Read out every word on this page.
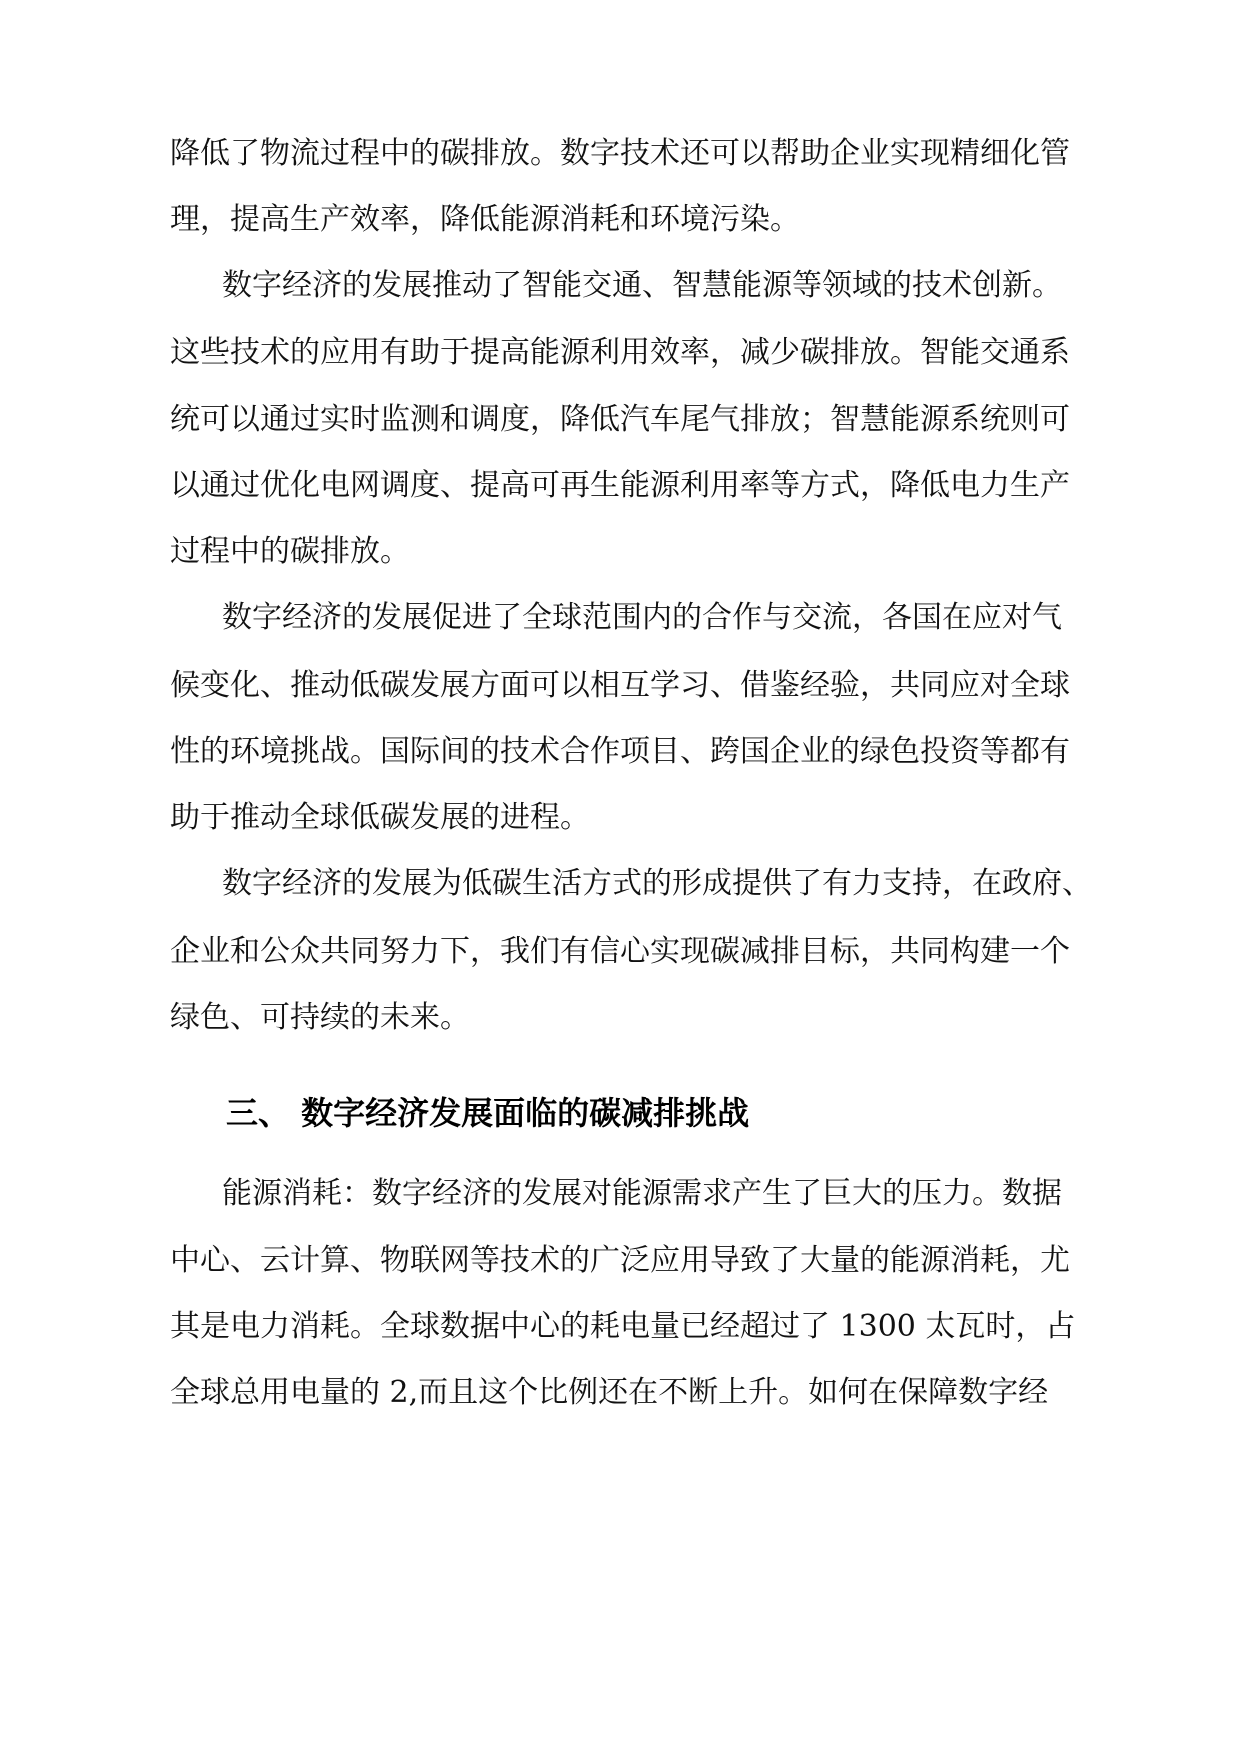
降低了物流过程中的碳排放。数字技术还可以帮助企业实现精细化管
理，提高生产效率，降低能源消耗和环境污染。
数字经济的发展推动了智能交通、智慧能源等领域的技术创新。
这些技术的应用有助于提高能源利用效率，减少碳排放。智能交通系
统可以通过实时监测和调度，降低汽车尾气排放；智慧能源系统则可
以通过优化电网调度、提高可再生能源利用率等方式，降低电力生产
过程中的碳排放。
数字经济的发展促进了全球范围内的合作与交流，各国在应对气
候变化、推动低碳发展方面可以相互学习、借鉴经验，共同应对全球
性的环境挑战。国际间的技术合作项目、跨国企业的绿色投资等都有
助于推动全球低碳发展的进程。
数字经济的发展为低碳生活方式的形成提供了有力支持，在政府、
企业和公众共同努力下，我们有信心实现碳减排目标，共同构建一个
绿色、可持续的未来。
三、 数字经济发展面临的碳减排挑战
能源消耗：数字经济的发展对能源需求产生了巨大的压力。数据
中心、云计算、物联网等技术的广泛应用导致了大量的能源消耗，尤
其是电力消耗。全球数据中心的耗电量已经超过了 1300 太瓦时，占
全球总用电量的 2,而且这个比例还在不断上升。如何在保障数字经
